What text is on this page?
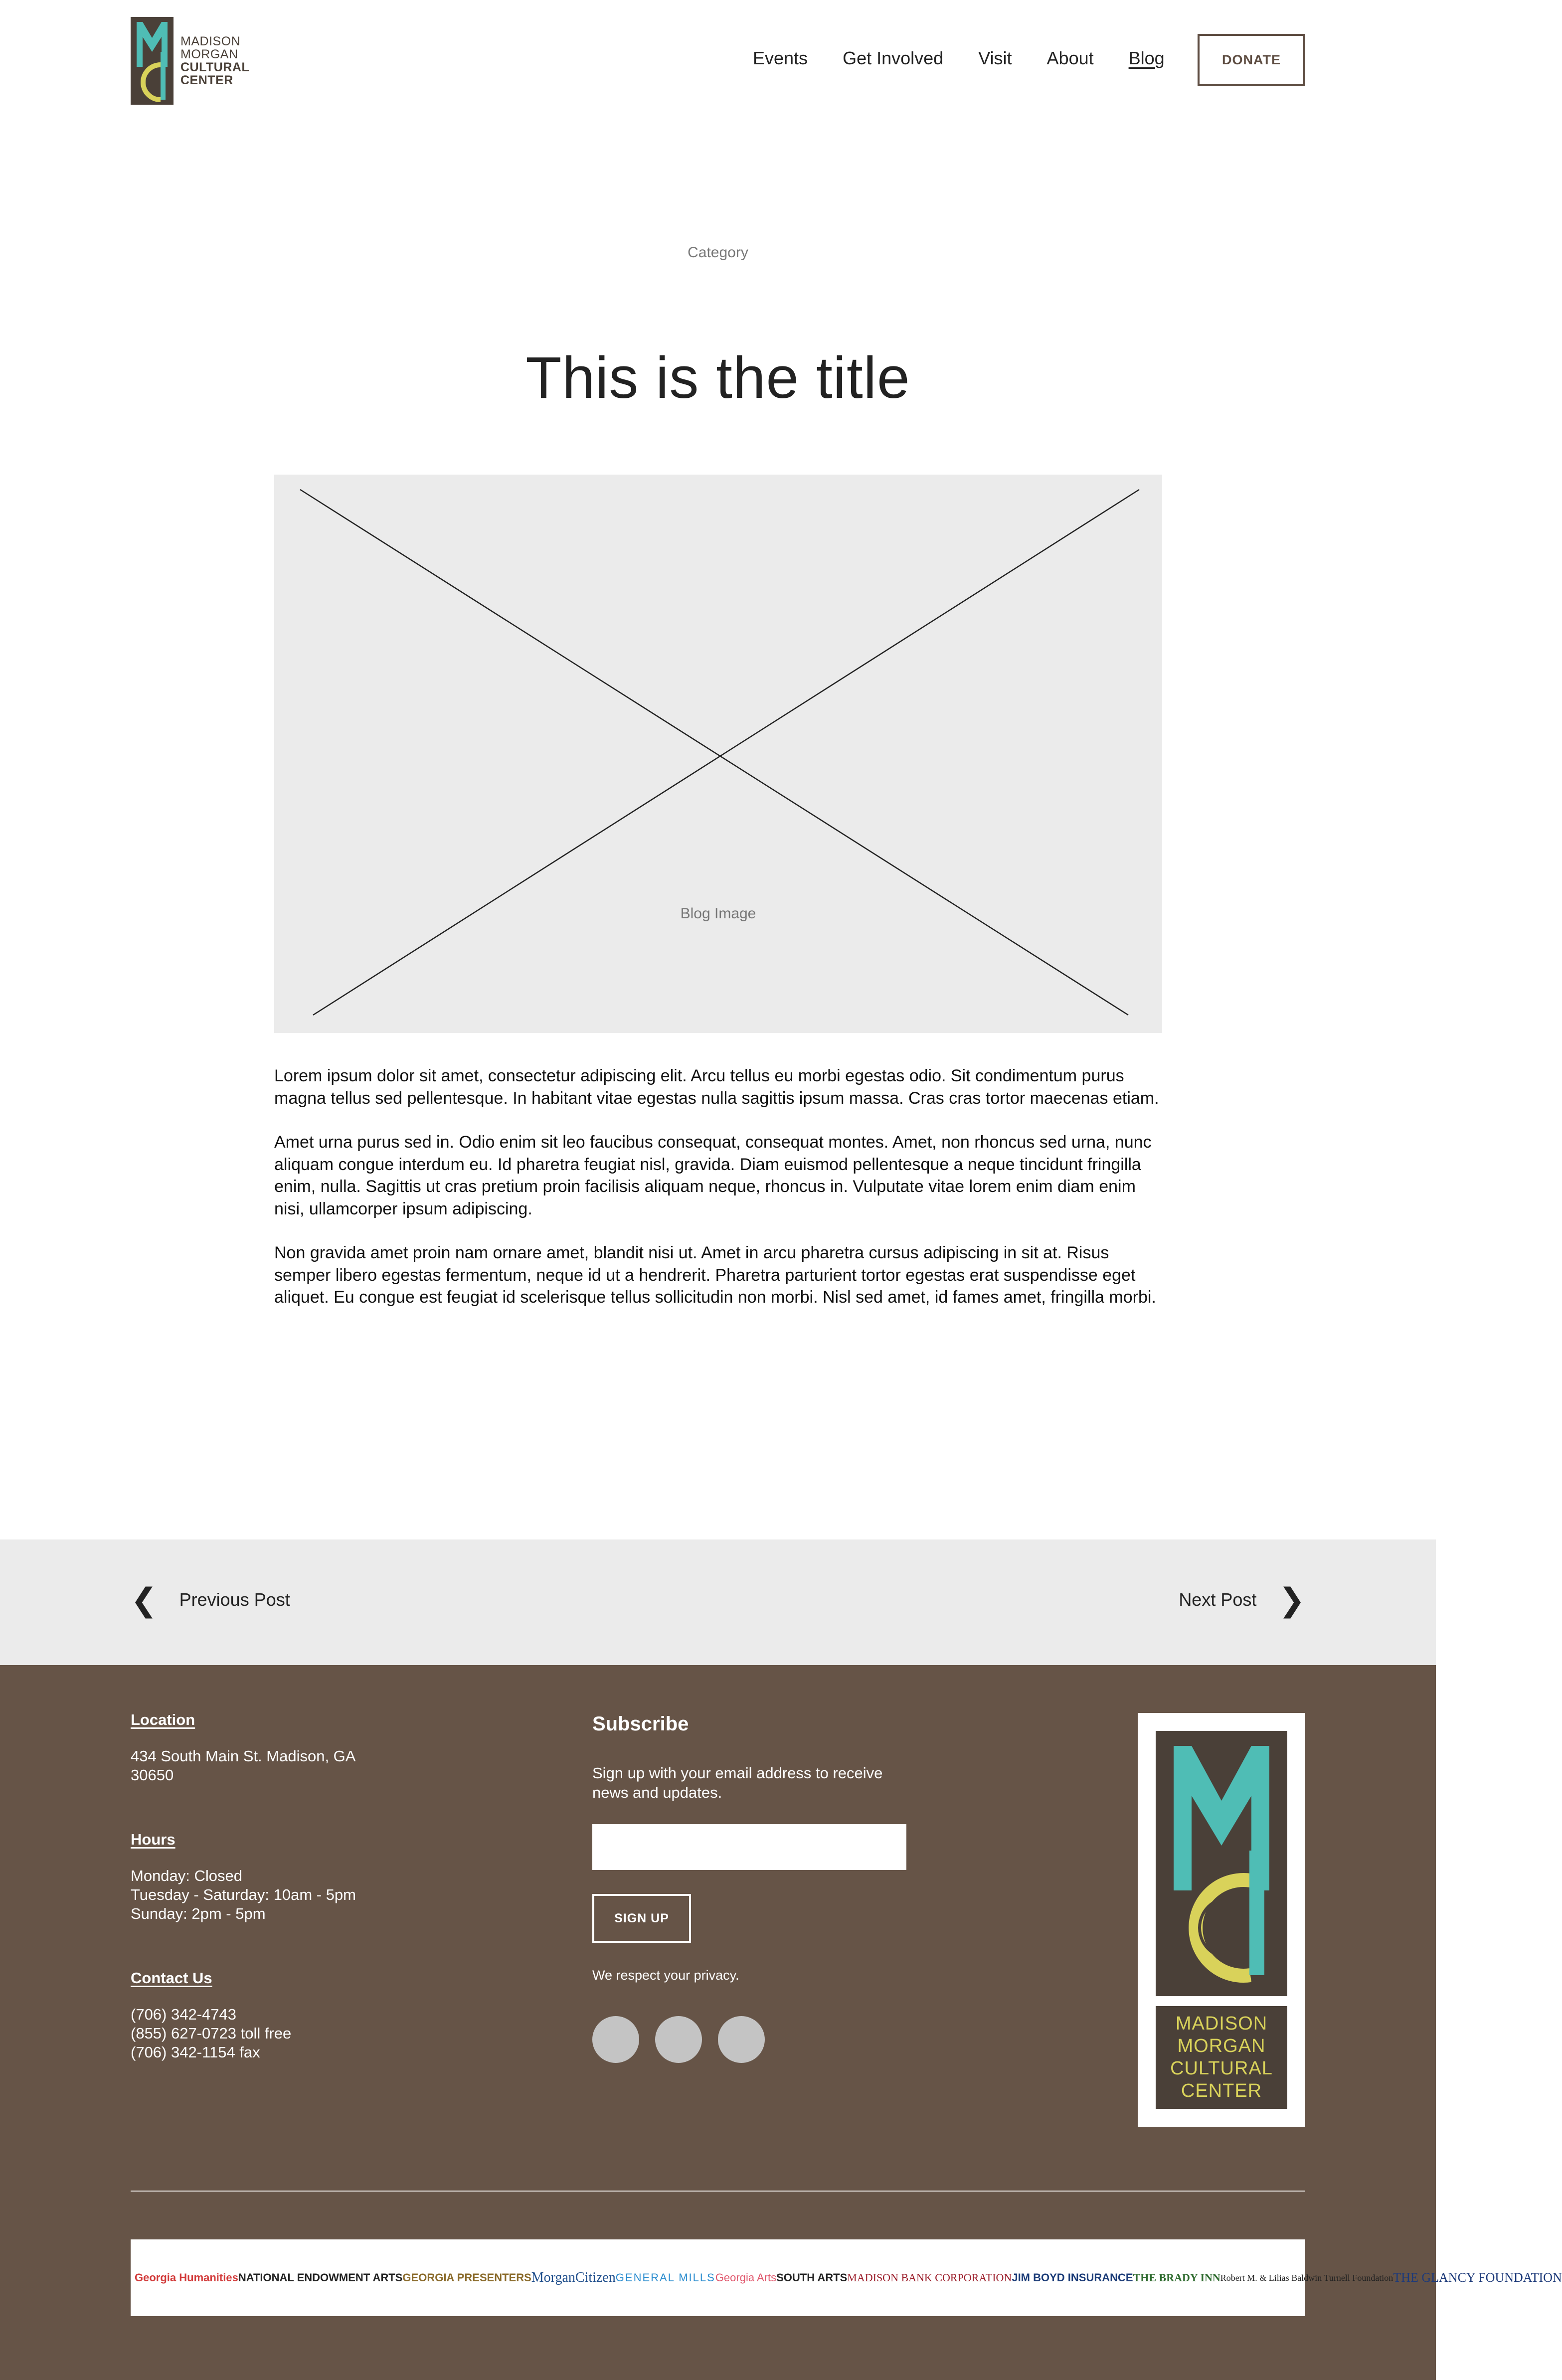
MADISON
MORGAN
CULTURAL
CENTER
Events Get Involved Visit About Blog	DONATE
Category
This is the title
Blog Image

Lorem ipsum dolor sit amet, consectetur adipiscing elit. Arcu tellus eu morbi egestas odio. Sit condimentum purus magna tellus sed pellentesque. In habitant vitae egestas nulla sagittis ipsum massa. Cras cras tortor maecenas etiam.

Amet urna purus sed in. Odio enim sit leo faucibus consequat, consequat montes. Amet, non rhoncus sed urna, nunc aliquam congue interdum eu. Id pharetra feugiat nisl, gravida. Diam euismod pellentesque a neque tincidunt fringilla enim, nulla. Sagittis ut cras pretium proin facilisis aliquam neque, rhoncus in. Vulputate vitae lorem enim diam enim nisi, ullamcorper ipsum adipiscing.

Non gravida amet proin nam ornare amet, blandit nisi ut. Amet in arcu pharetra cursus adipiscing in sit at. Risus semper libero egestas fermentum, neque id ut a hendrerit. Pharetra parturient tortor egestas erat suspendisse eget aliquet. Eu congue est feugiat id scelerisque tellus sollicitudin non morbi. Nisl sed amet, id fames amet, fringilla morbi.

❮ Previous Post	Next Post ❯
Location
434 South Main St. Madison, GA
30650
Hours
Monday: Closed
Tuesday - Saturday: 10am - 5pm
Sunday: 2pm - 5pm
Contact Us
(706) 342-4743
(855) 627-0723 toll free
(706) 342-1154 fax
Subscribe
Sign up with your email address to receive news and updates.
SIGN UP
We respect your privacy.
MADISON
MORGAN
CULTURAL
CENTER
Georgia Humanities NATIONAL ENDOWMENT ARTS GEORGIA PRESENTERS MorganCitizen GENERAL MILLS Georgia Arts SOUTH ARTS MADISON BANK CORPORATION JIM BOYD INSURANCE THE BRADY INN Robert M. & Lilias Baldwin Turnell Foundation THE GLANCY FOUNDATION
